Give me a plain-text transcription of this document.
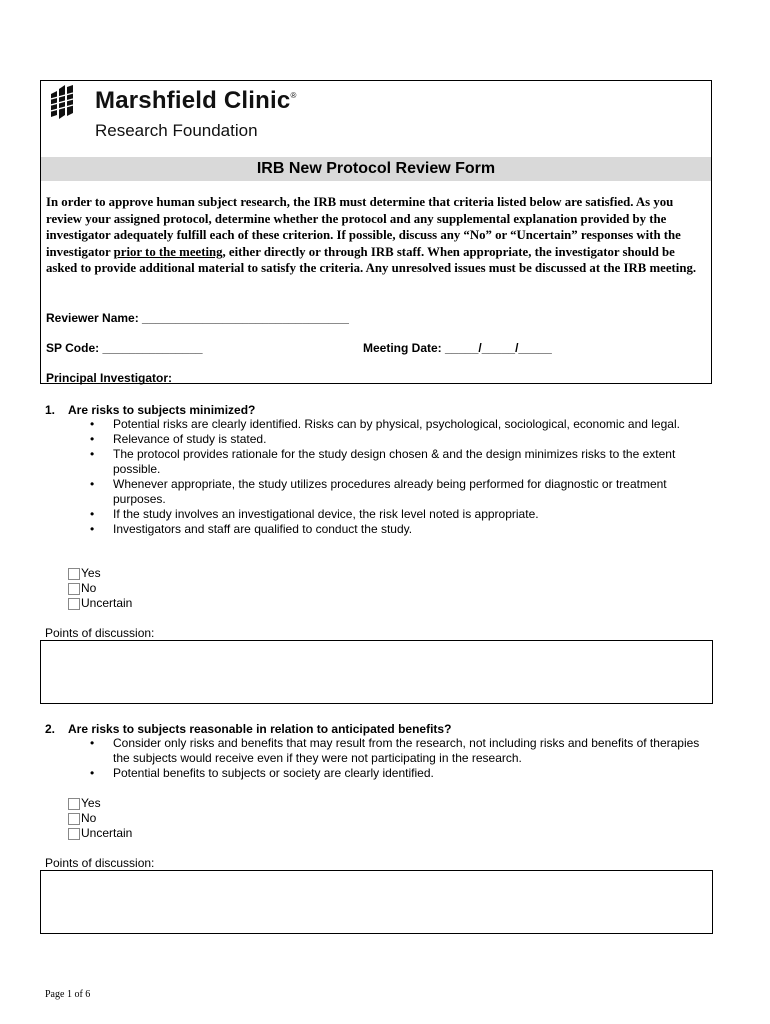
Marshfield Clinic®
Research Foundation
IRB New Protocol Review Form

In order to approve human subject research, the IRB must determine that criteria listed below are satisfied. As you review your assigned protocol, determine whether the protocol and any supplemental explanation provided by the investigator adequately fulfill each of these criterion. If possible, discuss any “No” or “Uncertain” responses with the investigator prior to the meeting, either directly or through IRB staff. When appropriate, the investigator should be asked to provide additional material to satisfy the criteria. Any unresolved issues must be discussed at the IRB meeting.

Reviewer Name: _______________________________
SP Code: _______________	Meeting Date: _____/_____/_____
Principal Investigator: _______________________________
1. Are risks to subjects minimized?
• Potential risks are clearly identified. Risks can by physical, psychological, sociological, economic and legal.
• Relevance of study is stated.
• The protocol provides rationale for the study design chosen & and the design minimizes risks to the extent possible.
• Whenever appropriate, the study utilizes procedures already being performed for diagnostic or treatment purposes.
• If the study involves an investigational device, the risk level noted is appropriate.
• Investigators and staff are qualified to conduct the study.
Yes
No
Uncertain
Points of discussion:
2. Are risks to subjects reasonable in relation to anticipated benefits?
• Consider only risks and benefits that may result from the research, not including risks and benefits of therapies the subjects would receive even if they were not participating in the research.
• Potential benefits to subjects or society are clearly identified.
Yes
No
Uncertain
Points of discussion:
Page 1 of 6
